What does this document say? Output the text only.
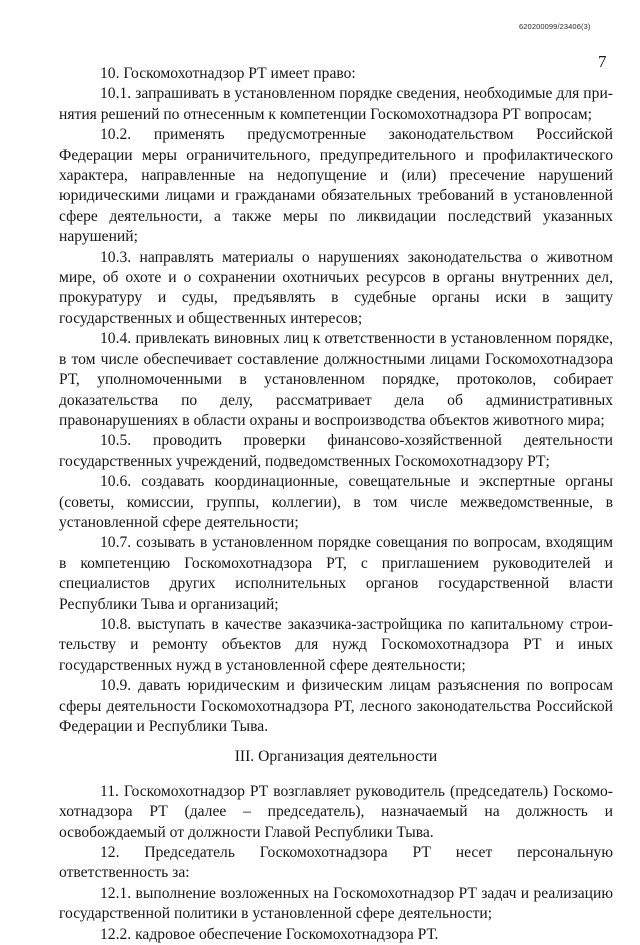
620200099/23406(3)
7

10. Госкомохотнадзор РТ имеет право:

10.1. запрашивать в установленном порядке сведения, необходимые для принятия решений по отнесенным к компетенции Госкомохотнадзора РТ вопросам;

10.2. применять предусмотренные законодательством Российской Федерации меры ограничительного, предупредительного и профилактического характера, направленные на недопущение и (или) пресечение нарушений юридическими лицами и гражданами обязательных требований в установленной сфере деятельности, а также меры по ликвидации последствий указанных нарушений;

10.3. направлять материалы о нарушениях законодательства о животном мире, об охоте и о сохранении охотничьих ресурсов в органы внутренних дел, прокуратуру и суды, предъявлять в судебные органы иски в защиту государственных и общественных интересов;

10.4. привлекать виновных лиц к ответственности в установленном порядке, в том числе обеспечивает составление должностными лицами Госкомохотнадзора РТ, уполномоченными в установленном порядке, протоколов, собирает доказательства по делу, рассматривает дела об административных правонарушениях в области охраны и воспроизводства объектов животного мира;

10.5. проводить проверки финансово-хозяйственной деятельности государственных учреждений, подведомственных Госкомохотнадзору РТ;

10.6. создавать координационные, совещательные и экспертные органы (советы, комиссии, группы, коллегии), в том числе межведомственные, в установленной сфере деятельности;

10.7. созывать в установленном порядке совещания по вопросам, входящим в компетенцию Госкомохотнадзора РТ, с приглашением руководителей и специалистов других исполнительных органов государственной власти Республики Тыва и организаций;

10.8. выступать в качестве заказчика-застройщика по капитальному строительству и ремонту объектов для нужд Госкомохотнадзора РТ и иных государственных нужд в установленной сфере деятельности;

10.9. давать юридическим и физическим лицам разъяснения по вопросам сферы деятельности Госкомохотнадзора РТ, лесного законодательства Российской Федерации и Республики Тыва.

III. Организация деятельности

11. Госкомохотнадзор РТ возглавляет руководитель (председатель) Госкомохотнадзора РТ (далее – председатель), назначаемый на должность и освобождаемый от должности Главой Республики Тыва.

12. Председатель Госкомохотнадзора РТ несет персональную ответственность за:

12.1. выполнение возложенных на Госкомохотнадзор РТ задач и реализацию государственной политики в установленной сфере деятельности;

12.2. кадровое обеспечение Госкомохотнадзора РТ.
